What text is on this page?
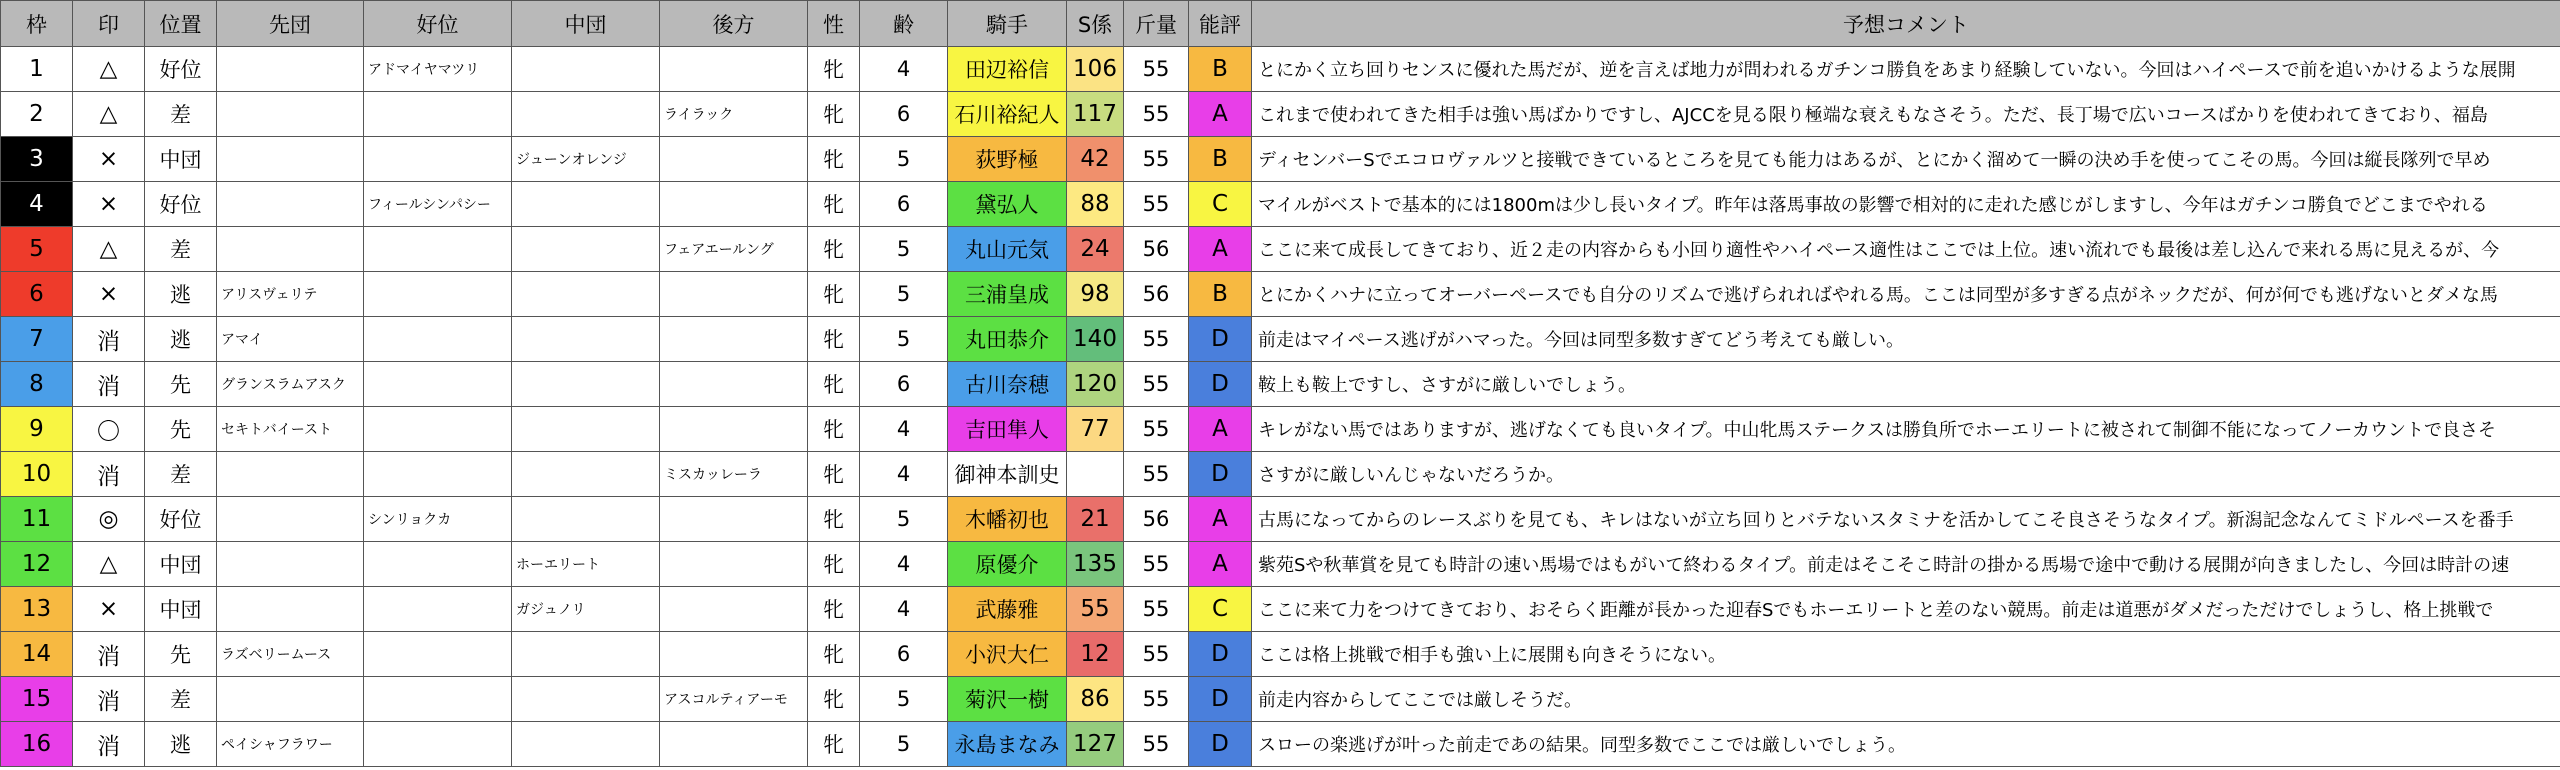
枠	印	位置	先団	好位	中団	後方	性	齢	騎手	S係	斤量	能評	予想コメント
1	△	好位		アドマイヤマツリ			牝	4	田辺裕信	106	55	B	とにかく立ち回りセンスに優れた馬だが、逆を言えば地力が問われるガチンコ勝負をあまり経験していない。今回はハイペースで前を追いかけるような展開
2	△	差				ライラック	牝	6	石川裕紀人	117	55	A	これまで使われてきた相手は強い馬ばかりですし、AJCCを見る限り極端な衰えもなさそう。ただ、長丁場で広いコースばかりを使われてきており、福島
3	×	中団			ジューンオレンジ		牝	5	荻野極	42	55	B	ディセンバーSでエコロヴァルツと接戦できているところを見ても能力はあるが、とにかく溜めて一瞬の決め手を使ってこその馬。今回は縦長隊列で早め
4	×	好位		フィールシンパシー			牝	6	黛弘人	88	55	C	マイルがベストで基本的には1800mは少し長いタイプ。昨年は落馬事故の影響で相対的に走れた感じがしますし、今年はガチンコ勝負でどこまでやれる
5	△	差				フェアエールング	牝	5	丸山元気	24	56	A	ここに来て成長してきており、近２走の内容からも小回り適性やハイペース適性はここでは上位。速い流れでも最後は差し込んで来れる馬に見えるが、今
6	×	逃	アリスヴェリテ				牝	5	三浦皇成	98	56	B	とにかくハナに立ってオーバーペースでも自分のリズムで逃げられればやれる馬。ここは同型が多すぎる点がネックだが、何が何でも逃げないとダメな馬
7	消	逃	アマイ				牝	5	丸田恭介	140	55	D	前走はマイペース逃げがハマった。今回は同型多数すぎてどう考えても厳しい。
8	消	先	グランスラムアスク				牝	6	古川奈穂	120	55	D	鞍上も鞍上ですし、さすがに厳しいでしょう。
9	〇	先	セキトバイースト				牝	4	吉田隼人	77	55	A	キレがない馬ではありますが、逃げなくても良いタイプ。中山牝馬ステークスは勝負所でホーエリートに被されて制御不能になってノーカウントで良さそ
10	消	差				ミスカッレーラ	牝	4	御神本訓史		55	D	さすがに厳しいんじゃないだろうか。
11	◎	好位		シンリョクカ			牝	5	木幡初也	21	56	A	古馬になってからのレースぶりを見ても、キレはないが立ち回りとバテないスタミナを活かしてこそ良さそうなタイプ。新潟記念なんてミドルペースを番手
12	△	中団			ホーエリート		牝	4	原優介	135	55	A	紫苑Sや秋華賞を見ても時計の速い馬場ではもがいて終わるタイプ。前走はそこそこ時計の掛かる馬場で途中で動ける展開が向きましたし、今回は時計の速
13	×	中団			ガジュノリ		牝	4	武藤雅	55	55	C	ここに来て力をつけてきており、おそらく距離が長かった迎春Sでもホーエリートと差のない競馬。前走は道悪がダメだっただけでしょうし、格上挑戦で
14	消	先	ラズベリームース				牝	6	小沢大仁	12	55	D	ここは格上挑戦で相手も強い上に展開も向きそうにない。
15	消	差				アスコルティアーモ	牝	5	菊沢一樹	86	55	D	前走内容からしてここでは厳しそうだ。
16	消	逃	ペイシャフラワー				牝	5	永島まなみ	127	55	D	スローの楽逃げが叶った前走であの結果。同型多数でここでは厳しいでしょう。
